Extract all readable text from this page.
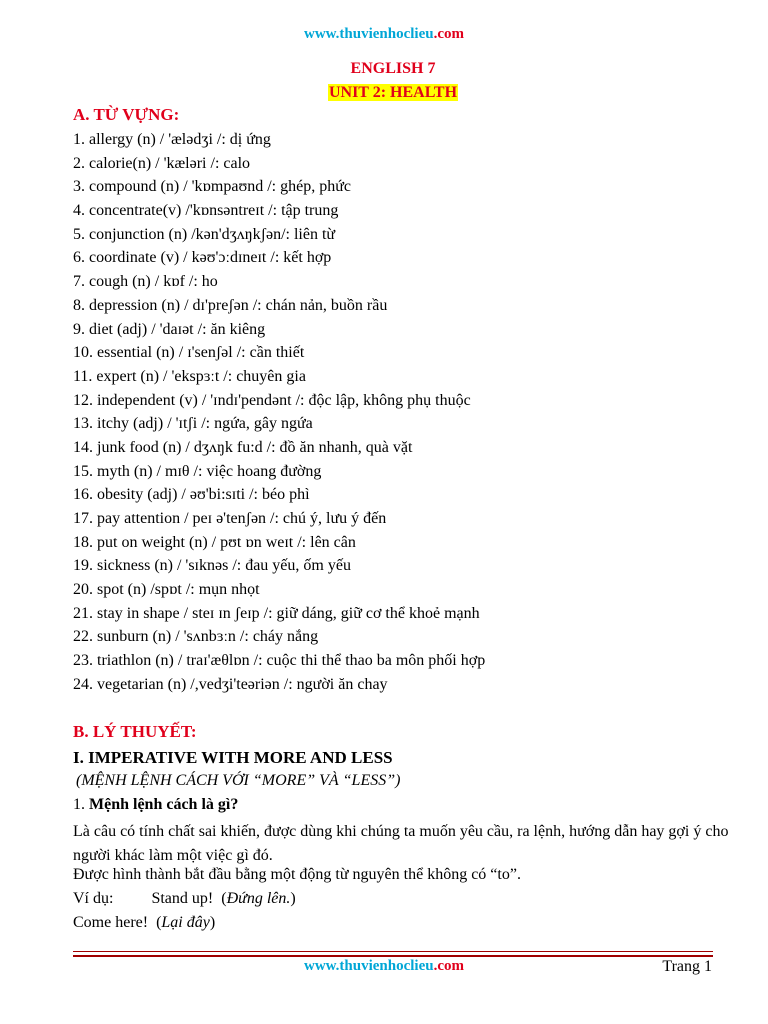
www.thuvienhoclieu.com
ENGLISH 7
UNIT 2: HEALTH
A. TỪ VỰNG:
1. allergy (n) / 'ælədʒi /: dị ứng
2. calorie(n) / 'kæləri /: calo
3. compound (n) / 'kɒmpaʊnd /: ghép, phức
4. concentrate(v) /'kɒnsəntreɪt /: tập trung
5. conjunction (n) /kən'dʒʌŋkʃən/: liên từ
6. coordinate (v) / kəʊ'ɔːdɪneɪt /: kết hợp
7. cough (n) / kɒf /: ho
8. depression (n) / dɪ'preʃən /: chán nản, buồn rầu
9. diet (adj) / 'daɪət /: ăn kiêng
10. essential (n) / ɪ'senʃəl /: cần thiết
11. expert (n) / 'ekspɜːt /: chuyên gia
12. independent (v) / 'ɪndɪ'pendənt /: độc lập, không phụ thuộc
13. itchy (adj) / 'ɪtʃi /: ngứa, gây ngứa
14. junk food (n) / dʒʌŋk fu:d /: đồ ăn nhanh, quà vặt
15. myth (n) / mɪθ /: việc hoang đường
16. obesity (adj) / əʊ'bi:sɪti /: béo phì
17. pay attention / peɪ ə'tenʃən /: chú ý, lưu ý đến
18. put on weight (n) / pʊt ɒn weɪt /: lên cân
19. sickness (n) / 'sɪknəs /: đau yếu, ốm yếu
20. spot (n) /spɒt /: mụn nhọt
21. stay in shape / steɪ ɪn ʃeɪp /: giữ dáng, giữ cơ thể khoẻ mạnh
22. sunburn (n) / 'sʌnbɜːn /: cháy nắng
23. triathlon (n) / traɪ'æθlɒn /: cuộc thi thể thao ba môn phối hợp
24. vegetarian (n) /,vedʒi'teəriən /: người ăn chay
B. LÝ THUYẾT:
I. IMPERATIVE WITH MORE AND LESS
(MỆNH LỆNH CÁCH VỚI “MORE” VÀ “LESS”)
1. Mệnh lệnh cách là gì?
Là câu có tính chất sai khiến, được dùng khi chúng ta muốn yêu cầu, ra lệnh, hướng dẫn hay gợi ý cho người khác làm một việc gì đó.
Được hình thành bắt đầu bằng một động từ nguyên thể không có “to”.
Ví dụ: Stand up!  (Đứng lên.)
Come here!  (Lại đây)
www.thuvienhoclieu.com	Trang 1
